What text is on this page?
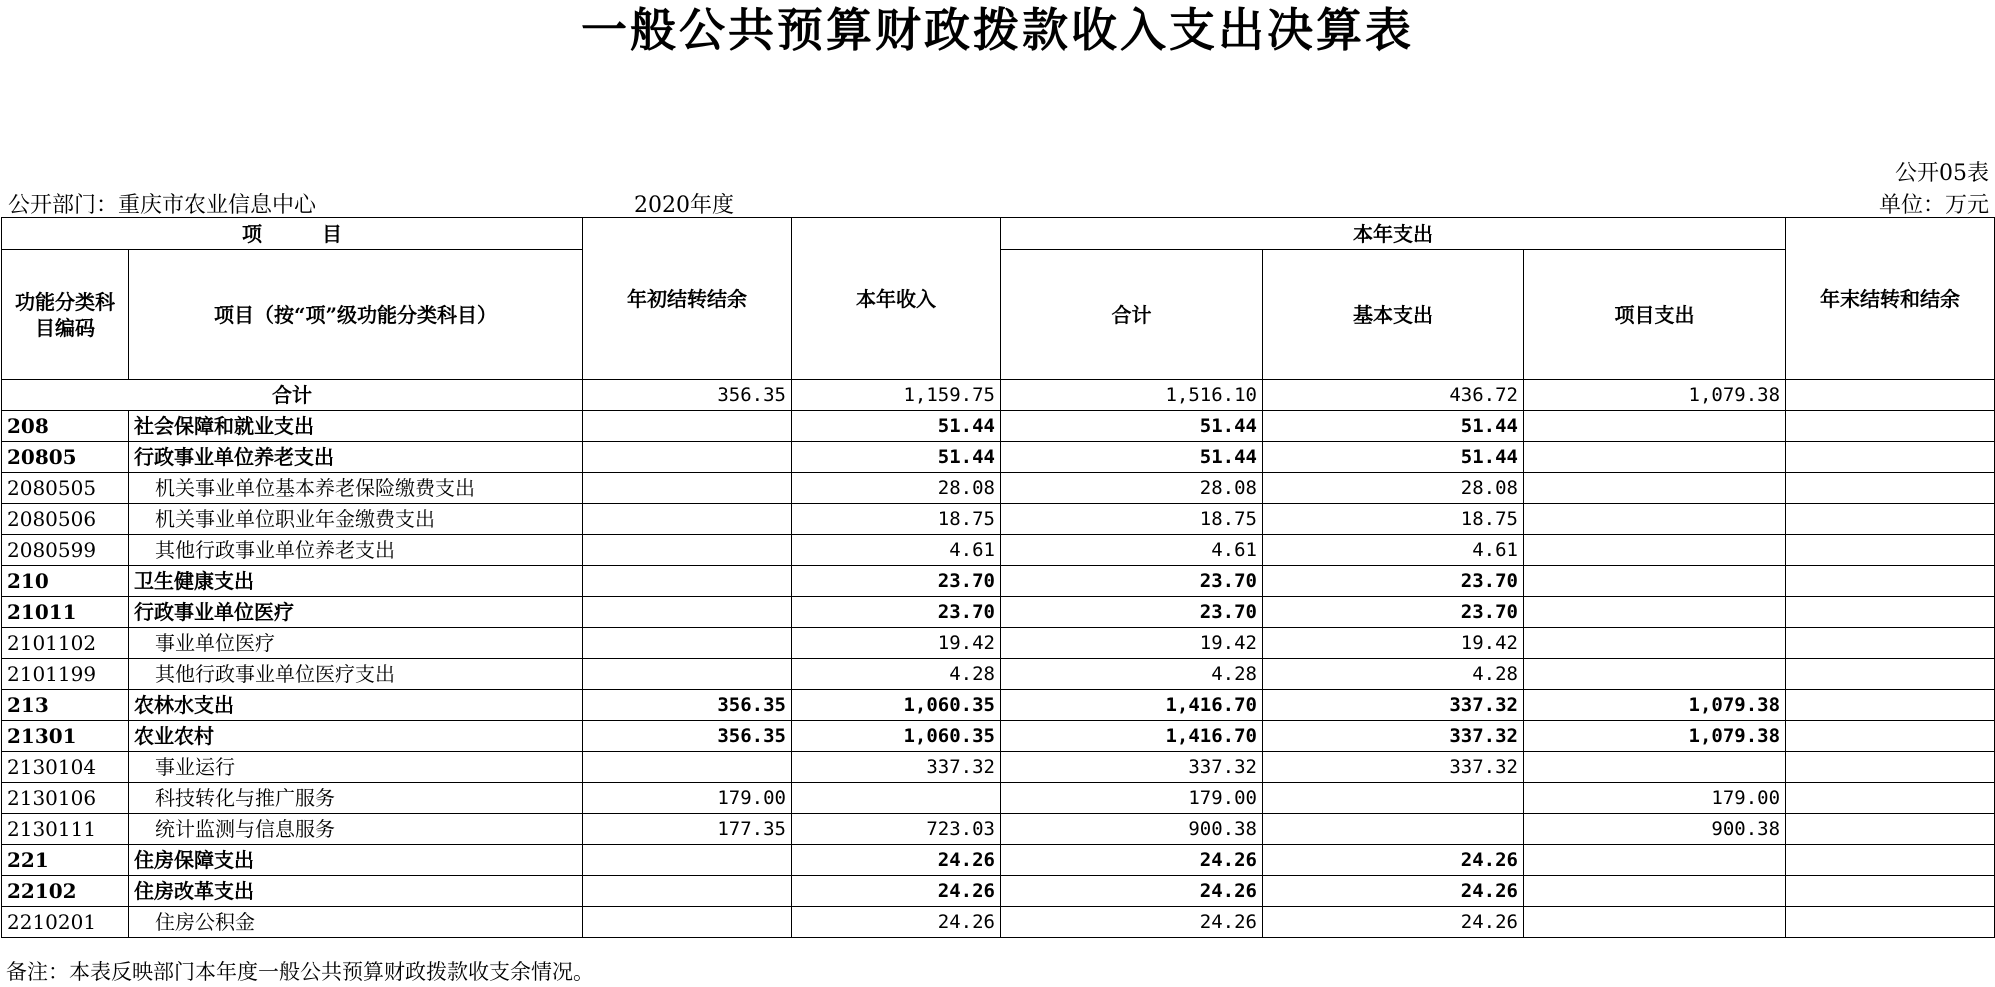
一般公共预算财政拨款收入支出决算表
公开05表
公开部门：重庆市农业信息中心	2020年度	单位：万元
项　　　目		年初结转结余	本年收入	本年支出			年末结转和结余
功能分类科目编码	项目（按“项”级功能分类科目）			合计	基本支出	项目支出	
合计		356.35	1,159.75	1,516.10	436.72	1,079.38	
208	社会保障和就业支出		51.44	51.44	51.44		
20805	行政事业单位养老支出		51.44	51.44	51.44		
2080505	机关事业单位基本养老保险缴费支出		28.08	28.08	28.08		
2080506	机关事业单位职业年金缴费支出		18.75	18.75	18.75		
2080599	其他行政事业单位养老支出		4.61	4.61	4.61		
210	卫生健康支出		23.70	23.70	23.70		
21011	行政事业单位医疗		23.70	23.70	23.70		
2101102	事业单位医疗		19.42	19.42	19.42		
2101199	其他行政事业单位医疗支出		4.28	4.28	4.28		
213	农林水支出	356.35	1,060.35	1,416.70	337.32	1,079.38	
21301	农业农村	356.35	1,060.35	1,416.70	337.32	1,079.38	
2130104	事业运行		337.32	337.32	337.32		
2130106	科技转化与推广服务	179.00		179.00		179.00	
2130111	统计监测与信息服务	177.35	723.03	900.38		900.38	
221	住房保障支出		24.26	24.26	24.26		
22102	住房改革支出		24.26	24.26	24.26		
2210201	住房公积金		24.26	24.26	24.26		
备注：本表反映部门本年度一般公共预算财政拨款收支余情况。
